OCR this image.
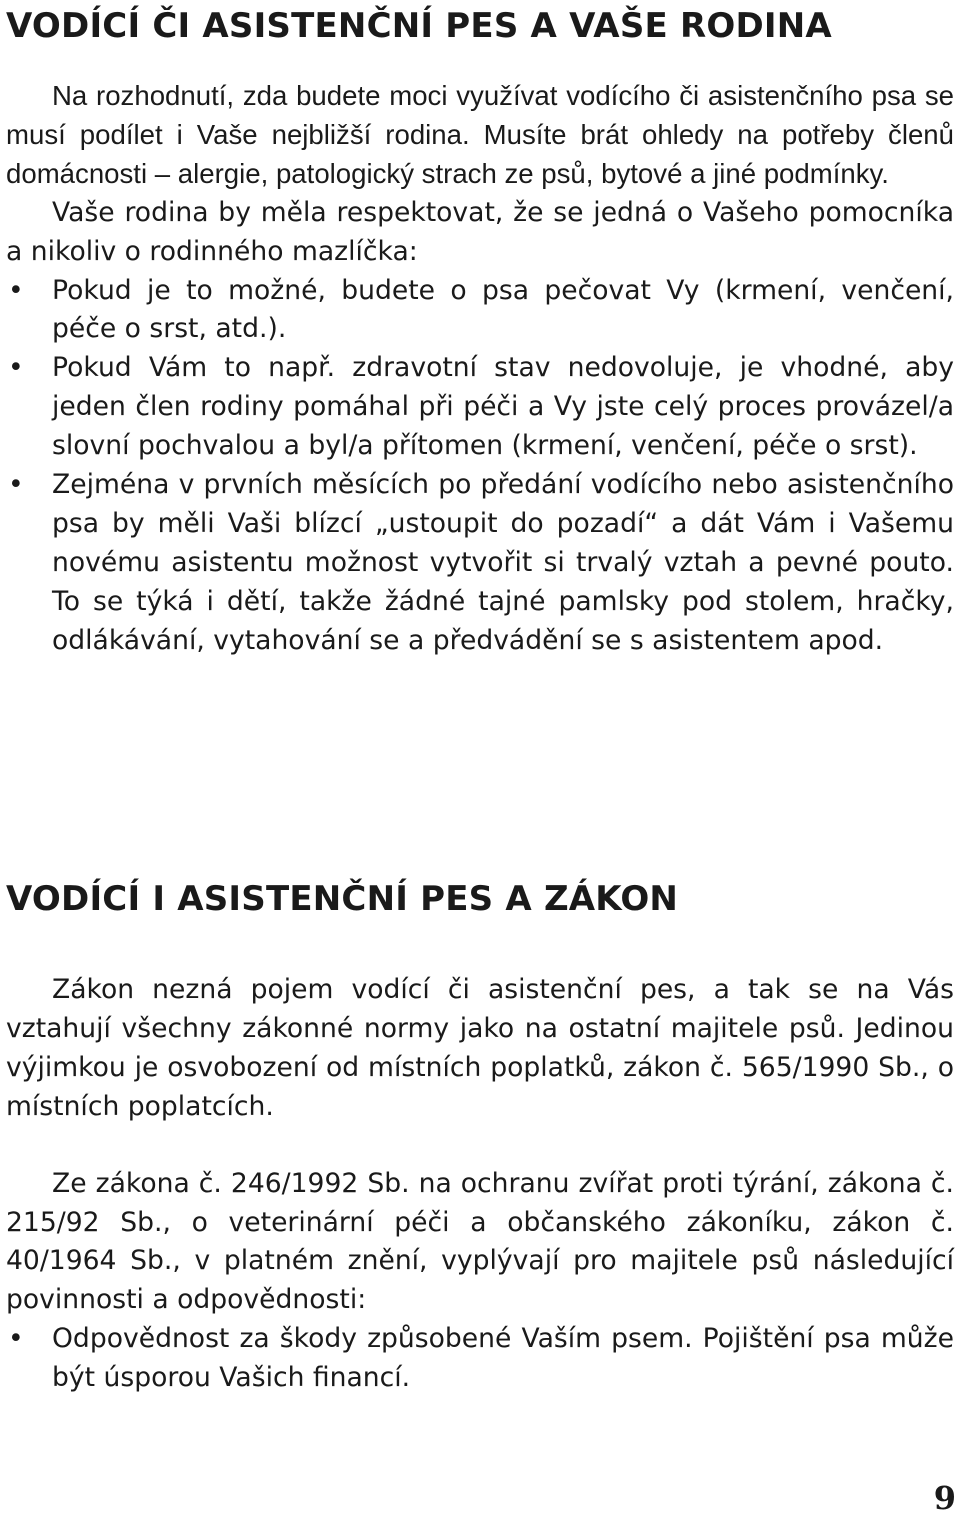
VODÍCÍ ČI ASISTENČNÍ PES A VAŠE RODINA

Na rozhodnutí, zda budete moci využívat vodícího či asistenčního psa se musí podílet i Vaše nejbližší rodina. Musíte brát ohledy na potřeby členů domácnosti – alergie, patologický strach ze psů, bytové a jiné podmínky.

Vaše rodina by měla respektovat, že se jedná o Vašeho pomocníka a nikoliv o rodinného mazlíčka:

• Pokud je to možné, budete o psa pečovat Vy (krmení, venčení, péče o srst, atd.).
• Pokud Vám to např. zdravotní stav nedovoluje, je vhodné, aby jeden člen rodiny pomáhal při péči a Vy jste celý proces provázel/a slovní pochvalou a byl/a přítomen (krmení, venčení, péče o srst).
• Zejména v prvních měsících po předání vodícího nebo asistenčního psa by měli Vaši blízcí „ustoupit do pozadí“ a dát Vám i Vašemu novému asistentu možnost vytvořit si trvalý vztah a pevné pouto. To se týká i dětí, takže žádné tajné pamlsky pod stolem, hračky, odlákávání, vytahování se a předvádění se s asistentem apod.
VODÍCÍ I ASISTENČNÍ PES A ZÁKON

Zákon nezná pojem vodící či asistenční pes, a tak se na Vás vztahují všechny zákonné normy jako na ostatní majitele psů. Jedinou výjimkou je osvobození od místních poplatků, zákon č. 565/1990 Sb., o místních poplatcích.

Ze zákona č. 246/1992 Sb. na ochranu zvířat proti týrání, zákona č. 215/92 Sb., o veterinární péči a občanského zákoníku, zákon č. 40/1964 Sb., v platném znění, vyplývají pro majitele psů následující povinnosti a odpovědnosti:

• Odpovědnost za škody způsobené Vaším psem. Pojištění psa může být úsporou Vašich financí.
9
